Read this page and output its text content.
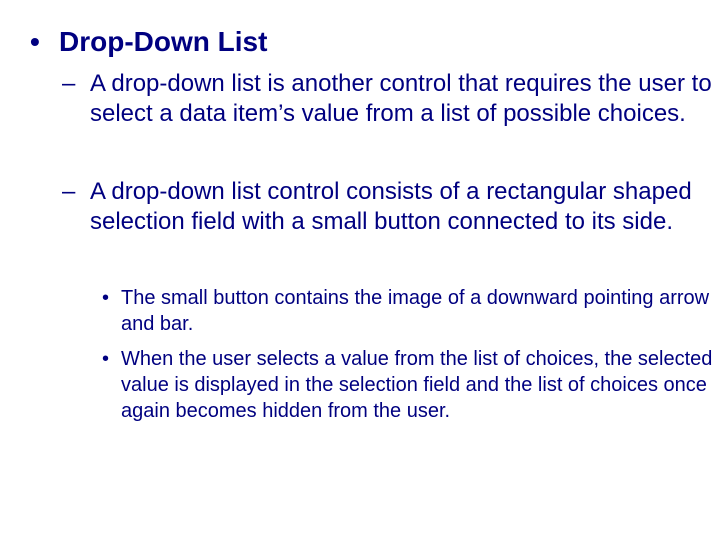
• Drop-Down List
– A drop-down list is another control that requires the user to select a data item’s value from a list of possible choices.
– A drop-down list control consists of a rectangular shaped selection field with a small button connected to its side.
• The small button contains the image of a downward pointing arrow and bar.
• When the user selects a value from the list of choices, the selected value is displayed in the selection field and the list of choices once again becomes hidden from the user.
